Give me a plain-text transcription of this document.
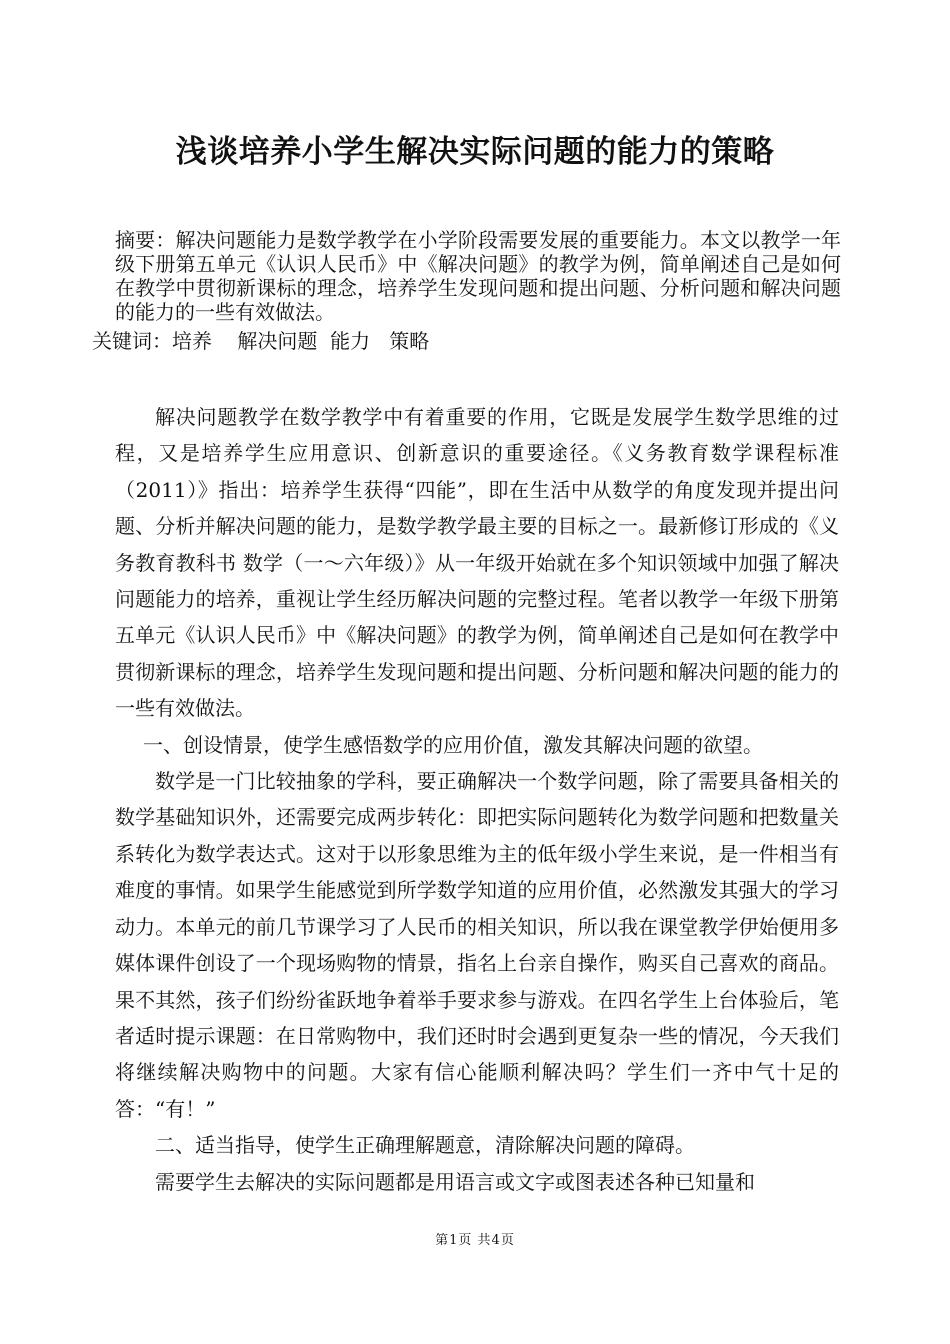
浅谈培养小学生解决实际问题的能力的策略
摘要：解决问题能力是数学教学在小学阶段需要发展的重要能力。本文以教学一年级下册第五单元《认识人民币》中《解决问题》的教学为例，简单阐述自己是如何在教学中贯彻新课标的理念，培养学生发现问题和提出问题、分析问题和解决问题的能力的一些有效做法。
关键词：培养    解决问题  能力   策略

解决问题教学在数学教学中有着重要的作用，它既是发展学生数学思维的过程，又是培养学生应用意识、创新意识的重要途径。《义务教育数学课程标准（2011）》指出：培养学生获得“四能”，即在生活中从数学的角度发现并提出问题、分析并解决问题的能力，是数学教学最主要的目标之一。最新修订形成的《义务教育教科书 数学（一～六年级）》从一年级开始就在多个知识领域中加强了解决问题能力的培养，重视让学生经历解决问题的完整过程。笔者以教学一年级下册第五单元《认识人民币》中《解决问题》的教学为例，简单阐述自己是如何在教学中贯彻新课标的理念，培养学生发现问题和提出问题、分析问题和解决问题的能力的一些有效做法。

一、创设情景，使学生感悟数学的应用价值，激发其解决问题的欲望。

数学是一门比较抽象的学科，要正确解决一个数学问题，除了需要具备相关的数学基础知识外，还需要完成两步转化：即把实际问题转化为数学问题和把数量关系转化为数学表达式。这对于以形象思维为主的低年级小学生来说，是一件相当有难度的事情。如果学生能感觉到所学数学知道的应用价值，必然激发其强大的学习动力。本单元的前几节课学习了人民币的相关知识，所以我在课堂教学伊始便用多媒体课件创设了一个现场购物的情景，指名上台亲自操作，购买自己喜欢的商品。果不其然，孩子们纷纷雀跃地争着举手要求参与游戏。在四名学生上台体验后，笔者适时提示课题：在日常购物中，我们还时时会遇到更复杂一些的情况，今天我们将继续解决购物中的问题。大家有信心能顺利解决吗？学生们一齐中气十足的答：“有！”

二、适当指导，使学生正确理解题意，清除解决问题的障碍。

需要学生去解决的实际问题都是用语言或文字或图表述各种已知量和

第1页 共4页
